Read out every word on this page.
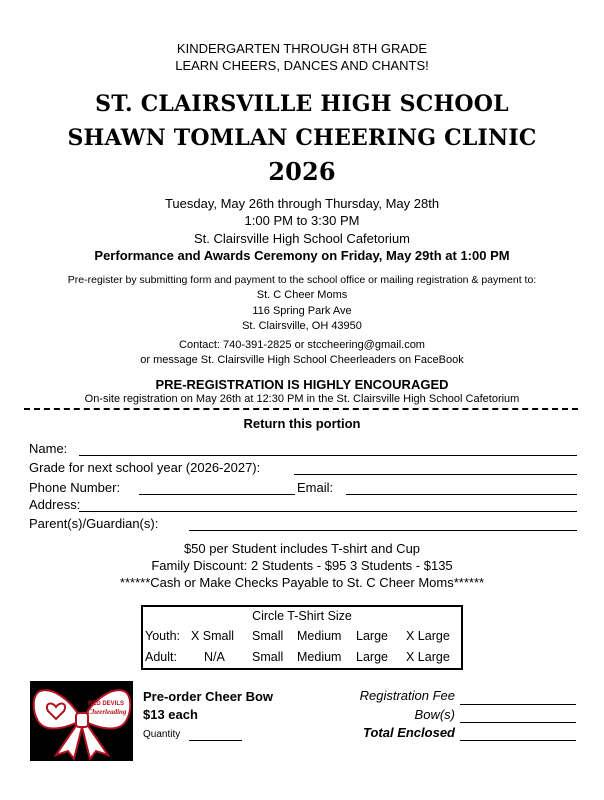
KINDERGARTEN THROUGH 8TH GRADE
LEARN CHEERS, DANCES AND CHANTS!
ST. CLAIRSVILLE HIGH SCHOOL
SHAWN TOMLAN CHEERING CLINIC
2026
Tuesday, May 26th through Thursday, May 28th
1:00 PM to 3:30 PM
St. Clairsville High School Cafetorium
Performance and Awards Ceremony on Friday, May 29th at 1:00 PM
Pre-register by submitting form and payment to the school office or mailing registration & payment to:
St. C Cheer Moms
116 Spring Park Ave
St. Clairsville, OH 43950
Contact: 740-391-2825 or stccheering@gmail.com
or message St. Clairsville High School Cheerleaders on FaceBook
PRE-REGISTRATION IS HIGHLY ENCOURAGED
On-site registration on May 26th at 12:30 PM in the St. Clairsville High School Cafetorium
Return this portion
Name:
Grade for next school year (2026-2027):
Phone Number:	Email:
Address:
Parent(s)/Guardian(s):
$50 per Student includes T-shirt and Cup
Family Discount: 2 Students - $95 3 Students - $135
******Cash or Make Checks Payable to St. C Cheer Moms******
Circle T-Shirt Size
Youth: X Small Small Medium Large X Large
Adult: N/A Small Medium Large X Large
RED DEVILS
Cheerleading
Pre-order Cheer Bow
$13 each
Quantity
Registration Fee
Bow(s)
Total Enclosed
